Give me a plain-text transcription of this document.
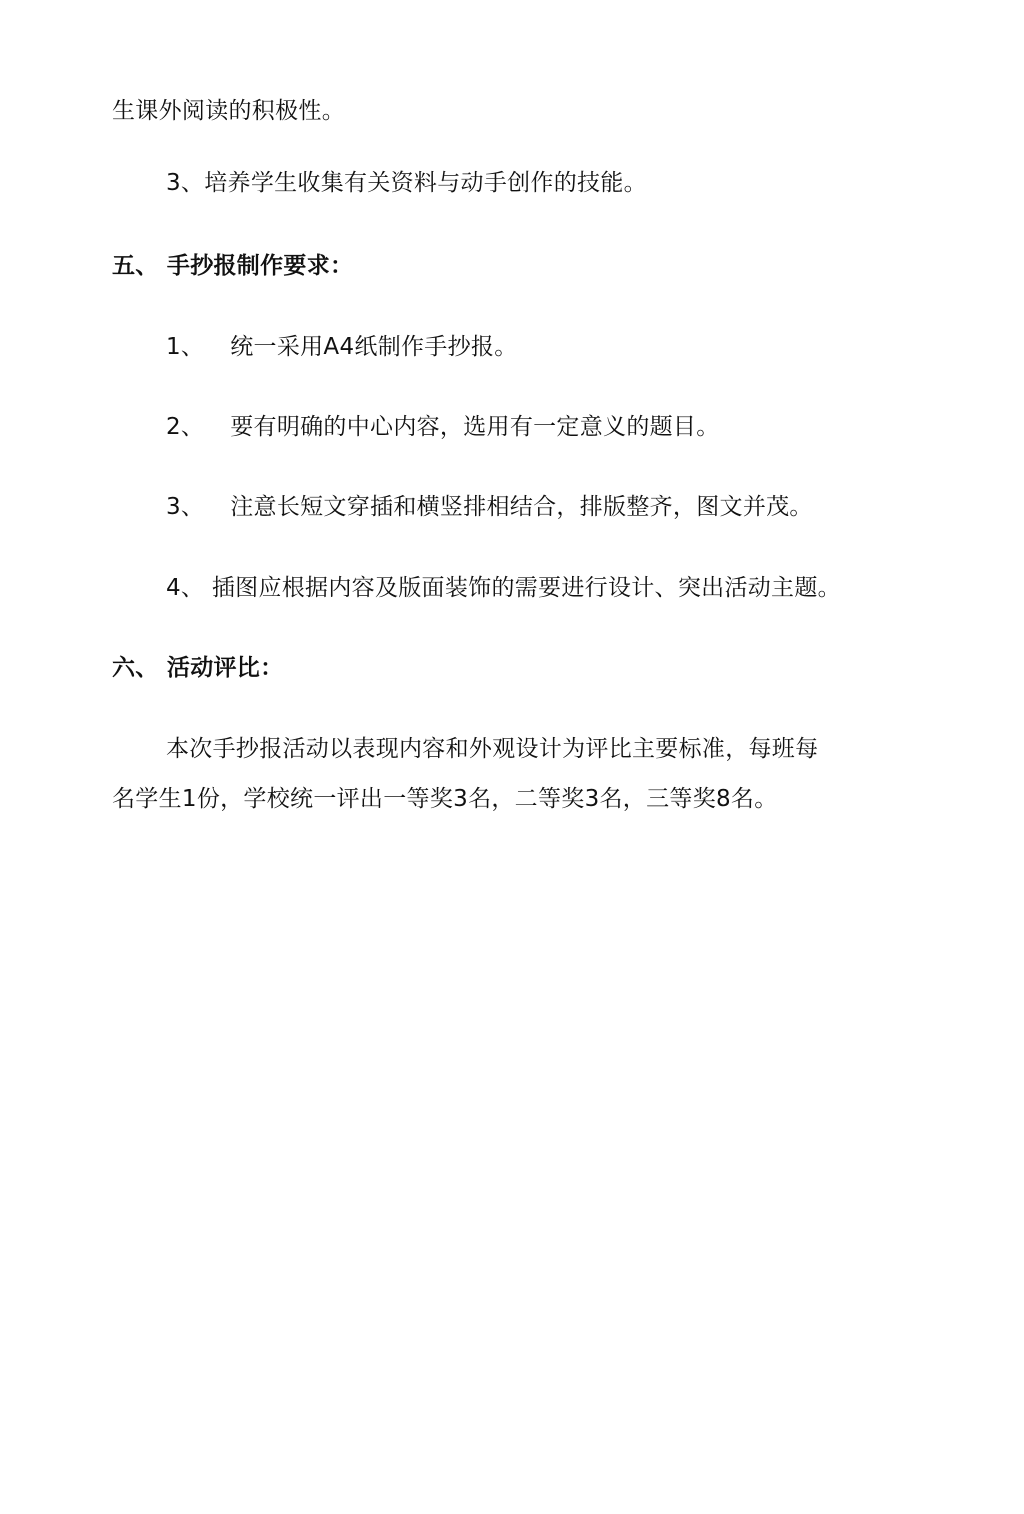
生课外阅读的积极性。
3、培养学生收集有关资料与动手创作的技能。
五、 手抄报制作要求：
1、 统一采用A4纸制作手抄报。
2、 要有明确的中心内容，选用有一定意义的题目。
3、 注意长短文穿插和横竖排相结合，排版整齐，图文并茂。
4、 插图应根据内容及版面装饰的需要进行设计、突出活动主题。
六、 活动评比：
本次手抄报活动以表现内容和外观设计为评比主要标准，每班每
名学生1份，学校统一评出一等奖3名，二等奖3名，三等奖8名。
